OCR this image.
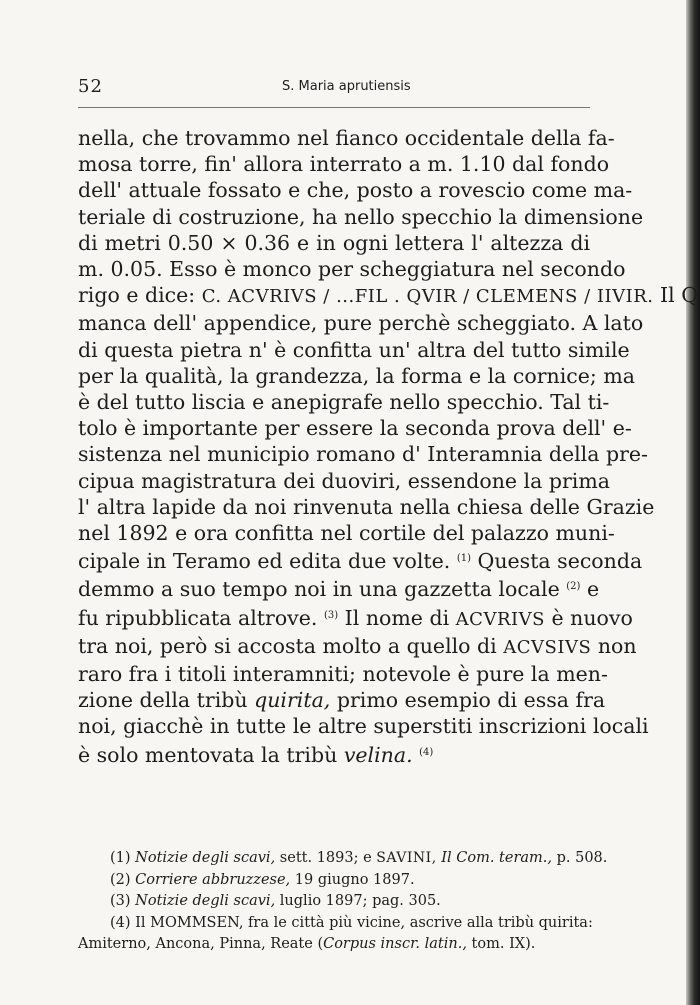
52	S. Maria aprutiensis
nella, che trovammo nel fianco occidentale della fa-
mosa torre, fin' allora interrato a m. 1.10 dal fondo
dell' attuale fossato e che, posto a rovescio come ma-
teriale di costruzione, ha nello specchio la dimensione
di metri 0.50 × 0.36 e in ogni lettera l' altezza di
m. 0.05. Esso è monco per scheggiatura nel secondo
rigo e dice: C. ACVRIVS / ...FIL . QVIR / CLEMENS / IIVIR. Il Q
manca dell' appendice, pure perchè scheggiato. A lato
di questa pietra n' è confitta un' altra del tutto simile
per la qualità, la grandezza, la forma e la cornice; ma
è del tutto liscia e anepigrafe nello specchio. Tal ti-
tolo è importante per essere la seconda prova dell' e-
sistenza nel municipio romano d' Interamnia della pre-
cipua magistratura dei duoviri, essendone la prima
l' altra lapide da noi rinvenuta nella chiesa delle Grazie
nel 1892 e ora confitta nel cortile del palazzo muni-
cipale in Teramo ed edita due volte. $^{(1)}$ Questa seconda
demmo a suo tempo noi in una gazzetta locale $^{(2)}$ e
fu ripubblicata altrove. $^{(3)}$ Il nome di ACVRIVS è nuovo
tra noi, però si accosta molto a quello di ACVSIVS non
raro fra i titoli interamniti; notevole è pure la men-
zione della tribù quirita, primo esempio di essa fra
noi, giacchè in tutte le altre superstiti inscrizioni locali
è solo mentovata la tribù velina. $^{(4)}$
(1) Notizie degli scavi, sett. 1893; e SAVINI, Il Com. teram., p. 508.
(2) Corriere abbruzzese, 19 giugno 1897.
(3) Notizie degli scavi, luglio 1897; pag. 305.
(4) Il MOMMSEN, fra le città più vicine, ascrive alla tribù quirita:
Amiterno, Ancona, Pinna, Reate (Corpus inscr. latin., tom. IX).
